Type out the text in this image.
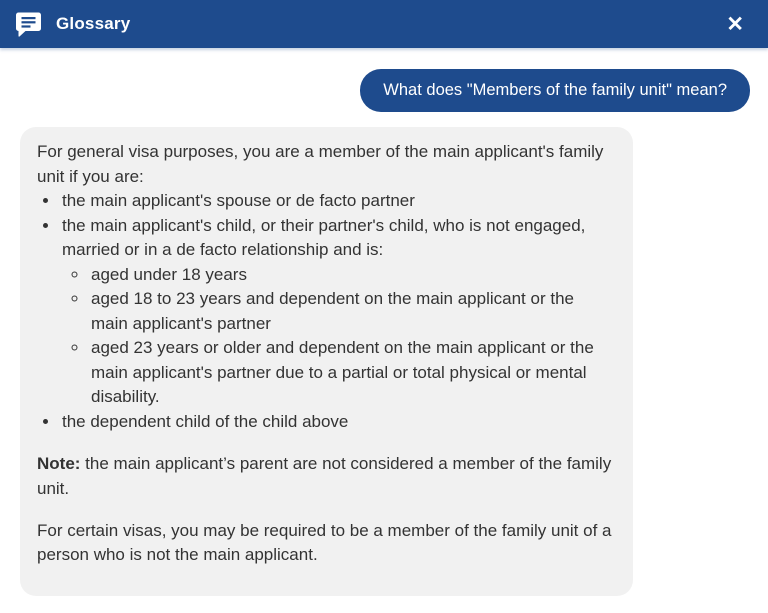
Glossary	✕
What does "Members of the family unit" mean?

For general visa purposes, you are a member of the main applicant's family unit if you are:

• the main applicant's spouse or de facto partner
• the main applicant's child, or their partner's child, who is not engaged, married or in a de facto relationship and is:
◦ aged under 18 years
◦ aged 18 to 23 years and dependent on the main applicant or the main applicant's partner
◦ aged 23 years or older and dependent on the main applicant or the main applicant's partner due to a partial or total physical or mental disability.
• the dependent child of the child above

Note: the main applicant’s parent are not considered a member of the family unit.

For certain visas, you may be required to be a member of the family unit of a person who is not the main applicant.
